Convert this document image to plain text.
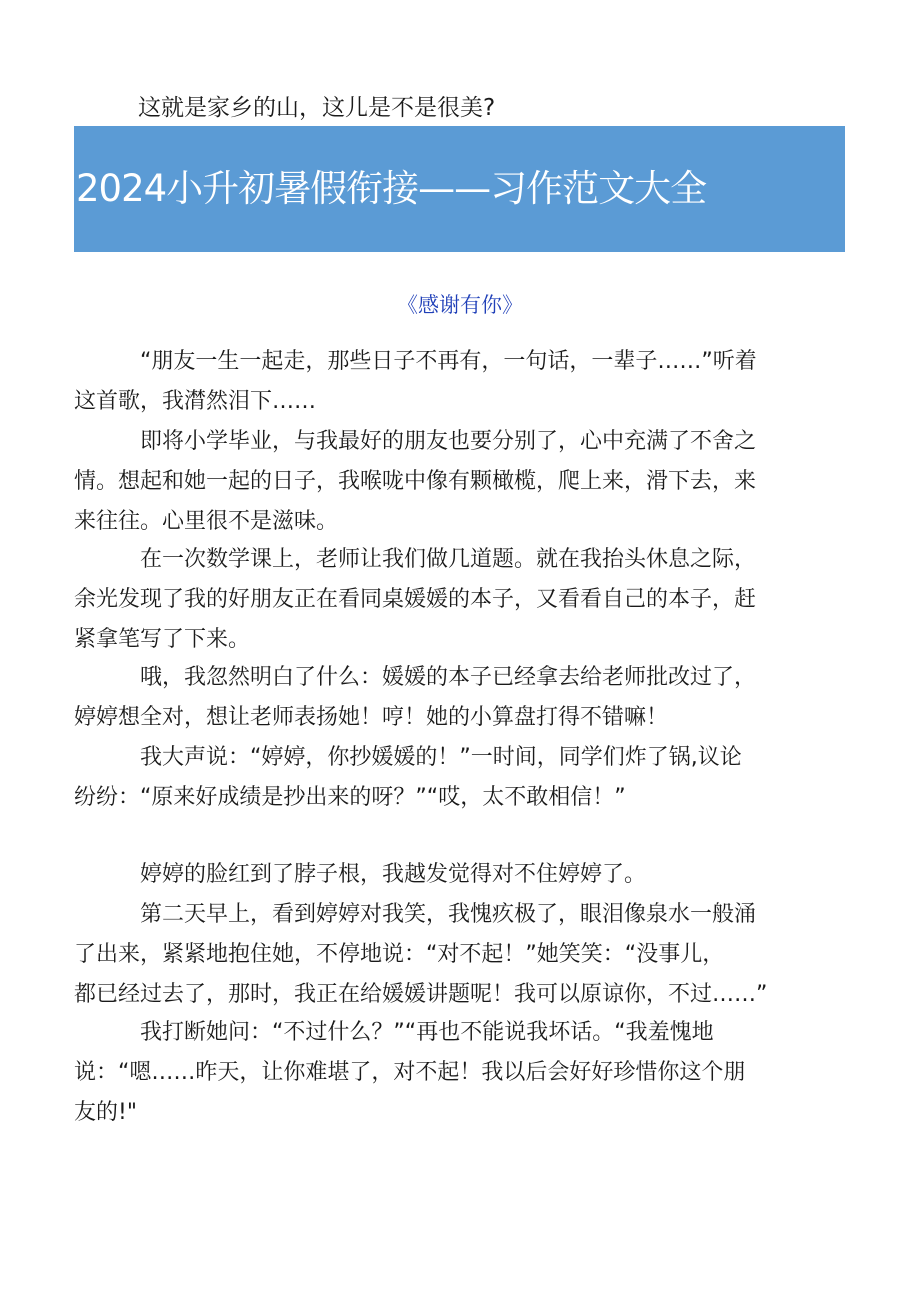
这就是家乡的山，这儿是不是很美?
2024小升初暑假衔接——习作范文大全
《感谢有你》
“朋友一生一起走，那些日子不再有，一句话，一辈子……”听着
这首歌，我潸然泪下……
即将小学毕业，与我最好的朋友也要分别了，心中充满了不舍之
情。想起和她一起的日子，我喉咙中像有颗橄榄，爬上来，滑下去，来
来往往。心里很不是滋味。
在一次数学课上，老师让我们做几道题。就在我抬头休息之际，
余光发现了我的好朋友正在看同桌媛媛的本子，又看看自己的本子，赶
紧拿笔写了下来。
哦，我忽然明白了什么：媛媛的本子已经拿去给老师批改过了，
婷婷想全对，想让老师表扬她！哼！她的小算盘打得不错嘛！
我大声说：“婷婷，你抄媛媛的！”一时间，同学们炸了锅,议论
纷纷：“原来好成绩是抄出来的呀？”“哎，太不敢相信！”
婷婷的脸红到了脖子根，我越发觉得对不住婷婷了。
第二天早上，看到婷婷对我笑，我愧疚极了，眼泪像泉水一般涌
了出来，紧紧地抱住她，不停地说：“对不起！”她笑笑：“没事儿，
都已经过去了，那时，我正在给媛媛讲题呢！我可以原谅你，不过……”
我打断她问：“不过什么？”“再也不能说我坏话。“我羞愧地
说：“嗯……昨天，让你难堪了，对不起！我以后会好好珍惜你这个朋
友的!"
